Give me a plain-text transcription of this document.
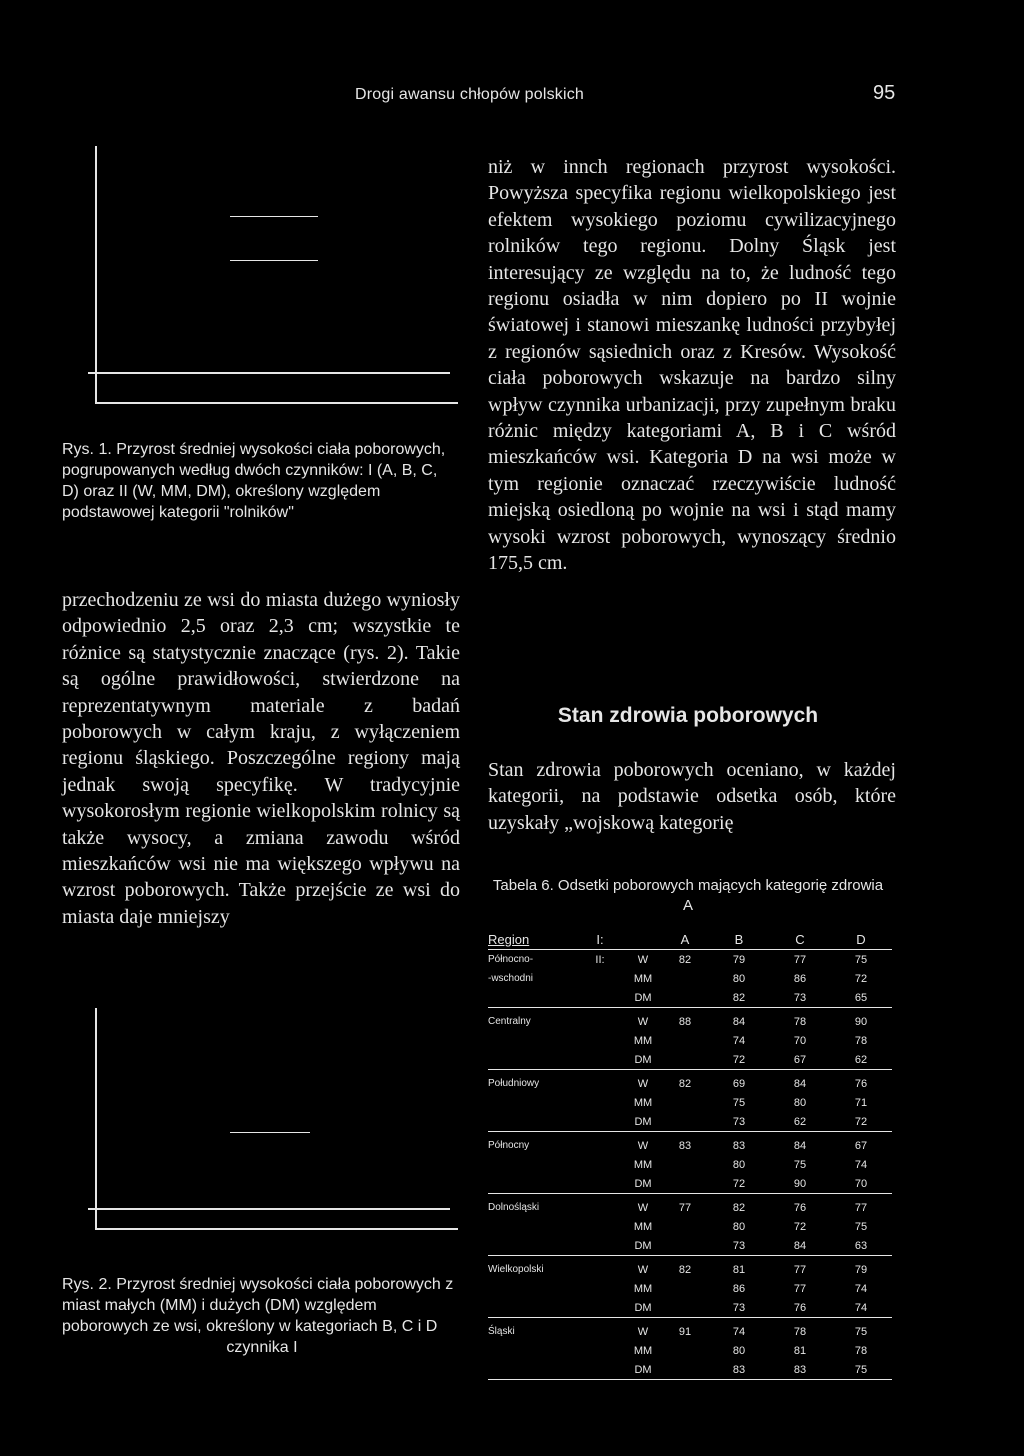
Drogi awansu chłopów polskich	95
Rys. 1. Przyrost średniej wysokości ciała poborowych, pogrupowanych według dwóch czynników: I (A, B, C, D) oraz II (W, MM, DM), określony względem podstawowej kategorii "rolników"
przechodzeniu ze wsi do miasta dużego wyniosły odpowiednio 2,5 oraz 2,3 cm; wszystkie te różnice są statystycznie znaczące (rys. 2). Takie są ogólne prawidłowości, stwierdzone na reprezentatywnym materiale z badań poborowych w całym kraju, z wyłączeniem regionu śląskiego. Poszczególne regiony mają jednak swoją specyfikę. W tradycyjnie wysokorosłym regionie wielkopolskim rolnicy są także wysocy, a zmiana zawodu wśród mieszkańców wsi nie ma większego wpływu na wzrost poborowych. Także przejście ze wsi do miasta daje mniejszy
Rys. 2. Przyrost średniej wysokości ciała poborowych z miast małych (MM) i dużych (DM) względem poborowych ze wsi, określony w kategoriach B, C i D
czynnika I
niż w innch regionach przyrost wysokości. Powyższa specyfika regionu wielkopolskiego jest efektem wysokiego poziomu cywilizacyjnego rolników tego regionu. Dolny Śląsk jest interesujący ze względu na to, że ludność tego regionu osiadła w nim dopiero po II wojnie światowej i stanowi mieszankę ludności przybyłej z regionów sąsiednich oraz z Kresów. Wysokość ciała poborowych wskazuje na bardzo silny wpływ czynnika urbanizacji, przy zupełnym braku różnic między kategoriami A, B i C wśród mieszkańców wsi. Kategoria D na wsi może w tym regionie oznaczać rzeczywiście ludność miejską osiedloną po wojnie na wsi i stąd mamy wysoki wzrost poborowych, wynoszący średnio 175,5 cm.
Stan zdrowia poborowych
Stan zdrowia poborowych oceniano, w każdej kategorii, na podstawie odsetka osób, które uzyskały „wojskową kategorię
Tabela 6. Odsetki poborowych mających kategorię zdrowia A
Region	I:		A	B	C	D
Północno-	II:	W	82	79	77	75
-wschodni		MM		80	86	72
		DM		82	73	65
Centralny		W	88	84	78	90
		MM		74	70	78
		DM		72	67	62
Południowy		W	82	69	84	76
		MM		75	80	71
		DM		73	62	72
Północny		W	83	83	84	67
		MM		80	75	74
		DM		72	90	70
Dolnośląski		W	77	82	76	77
		MM		80	72	75
		DM		73	84	63
Wielkopolski		W	82	81	77	79
		MM		86	77	74
		DM		73	76	74
Śląski		W	91	74	78	75
		MM		80	81	78
		DM		83	83	75
